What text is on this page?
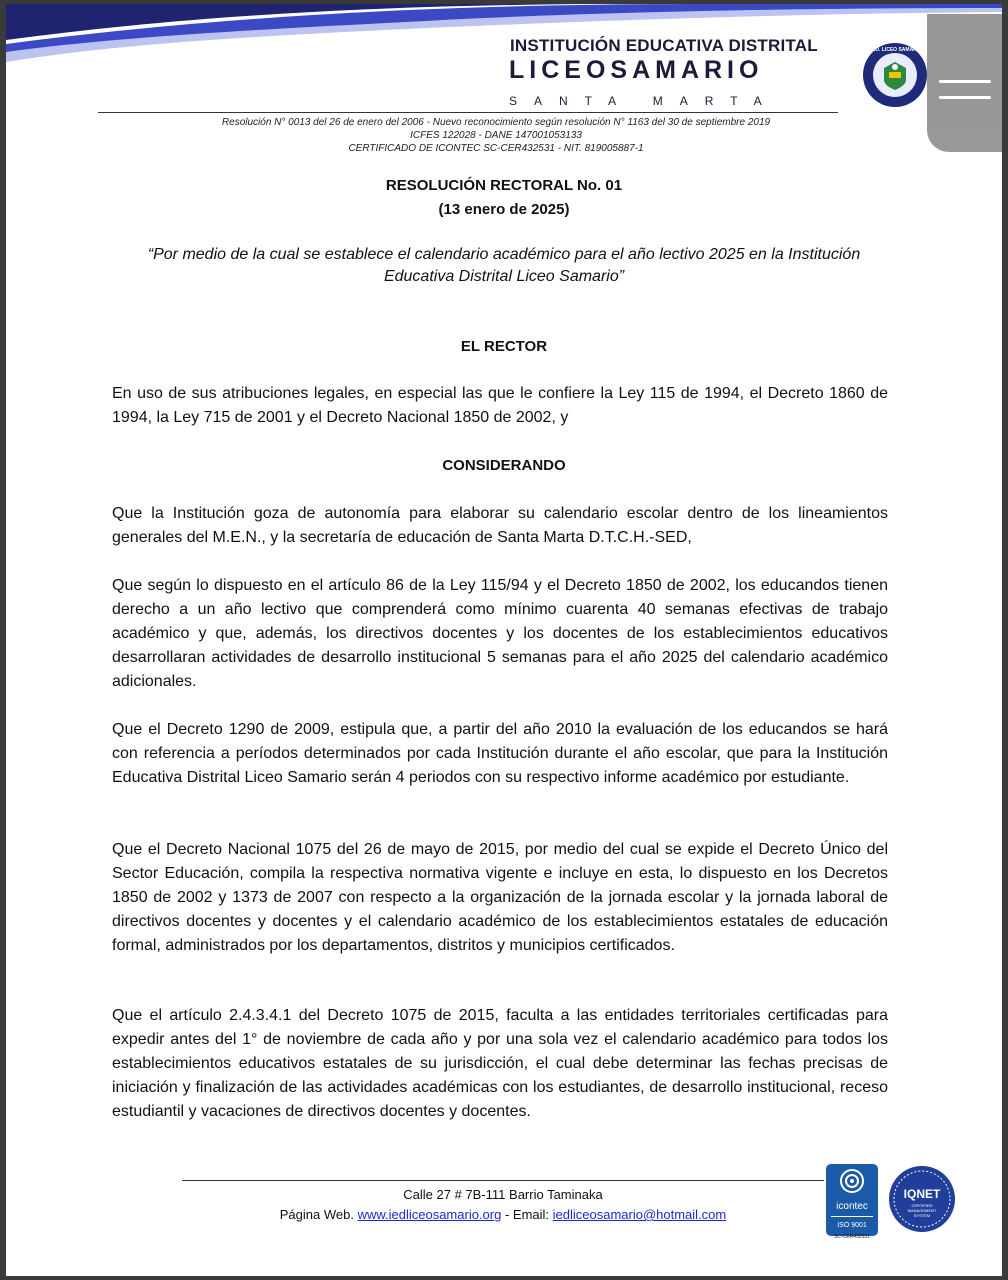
INSTITUCIÓN EDUCATIVA DISTRITAL
LICEOSAMARIO
SANTA MARTA
I.E.D. LICEO SAMARIO
Resolución N° 0013 del 26 de enero del 2006 - Nuevo reconocimiento según resolución N° 1163 del 30 de septiembre 2019
ICFES 122028 - DANE 147001053133
CERTIFICADO DE ICONTEC SC-CER432531 - NIT. 819005887-1
RESOLUCIÓN RECTORAL No. 01
(13 enero de 2025)
“Por medio de la cual se establece el calendario académico para el año lectivo 2025 en la Institución
Educativa Distrital Liceo Samario”
EL RECTOR
En uso de sus atribuciones legales, en especial las que le confiere la Ley 115 de 1994, el Decreto 1860 de 1994, la Ley 715 de 2001 y el Decreto Nacional 1850 de 2002, y
CONSIDERANDO
Que la Institución goza de autonomía para elaborar su calendario escolar dentro de los lineamientos generales del M.E.N., y la secretaría de educación de Santa Marta D.T.C.H.-SED,
Que según lo dispuesto en el artículo 86 de la Ley 115/94 y el Decreto 1850 de 2002, los educandos tienen derecho a un año lectivo que comprenderá como mínimo cuarenta 40 semanas efectivas de trabajo académico y que, además, los directivos docentes y los docentes de los establecimientos educativos desarrollaran actividades de desarrollo institucional 5 semanas para el año 2025 del calendario académico adicionales.
Que el Decreto 1290 de 2009, estipula que, a partir del año 2010 la evaluación de los educandos se hará con referencia a períodos determinados por cada Institución durante el año escolar, que para la Institución Educativa Distrital Liceo Samario serán 4 periodos con su respectivo informe académico por estudiante.
Que el Decreto Nacional 1075 del 26 de mayo de 2015, por medio del cual se expide el Decreto Único del Sector Educación, compila la respectiva normativa vigente e incluye en esta, lo dispuesto en los Decretos 1850 de 2002 y 1373 de 2007 con respecto a la organización de la jornada escolar y la jornada laboral de directivos docentes y docentes y el calendario académico de los establecimientos estatales de educación formal, administrados por los departamentos, distritos y municipios certificados.
Que el artículo 2.4.3.4.1 del Decreto 1075 de 2015, faculta a las entidades territoriales certificadas para expedir antes del 1° de noviembre de cada año y por una sola vez el calendario académico para todos los establecimientos educativos estatales de su jurisdicción, el cual debe determinar las fechas precisas de iniciación y finalización de las actividades académicas con los estudiantes, de desarrollo institucional, receso estudiantil y vacaciones de directivos docentes y docentes.
Calle 27 # 7B-111 Barrio Taminaka
Página Web. www.iedliceosamario.org - Email: iedliceosamario@hotmail.com
icontec
ISO 9001
SC-CER432531
IQNET
CERTIFIED MANAGEMENT SYSTEM
